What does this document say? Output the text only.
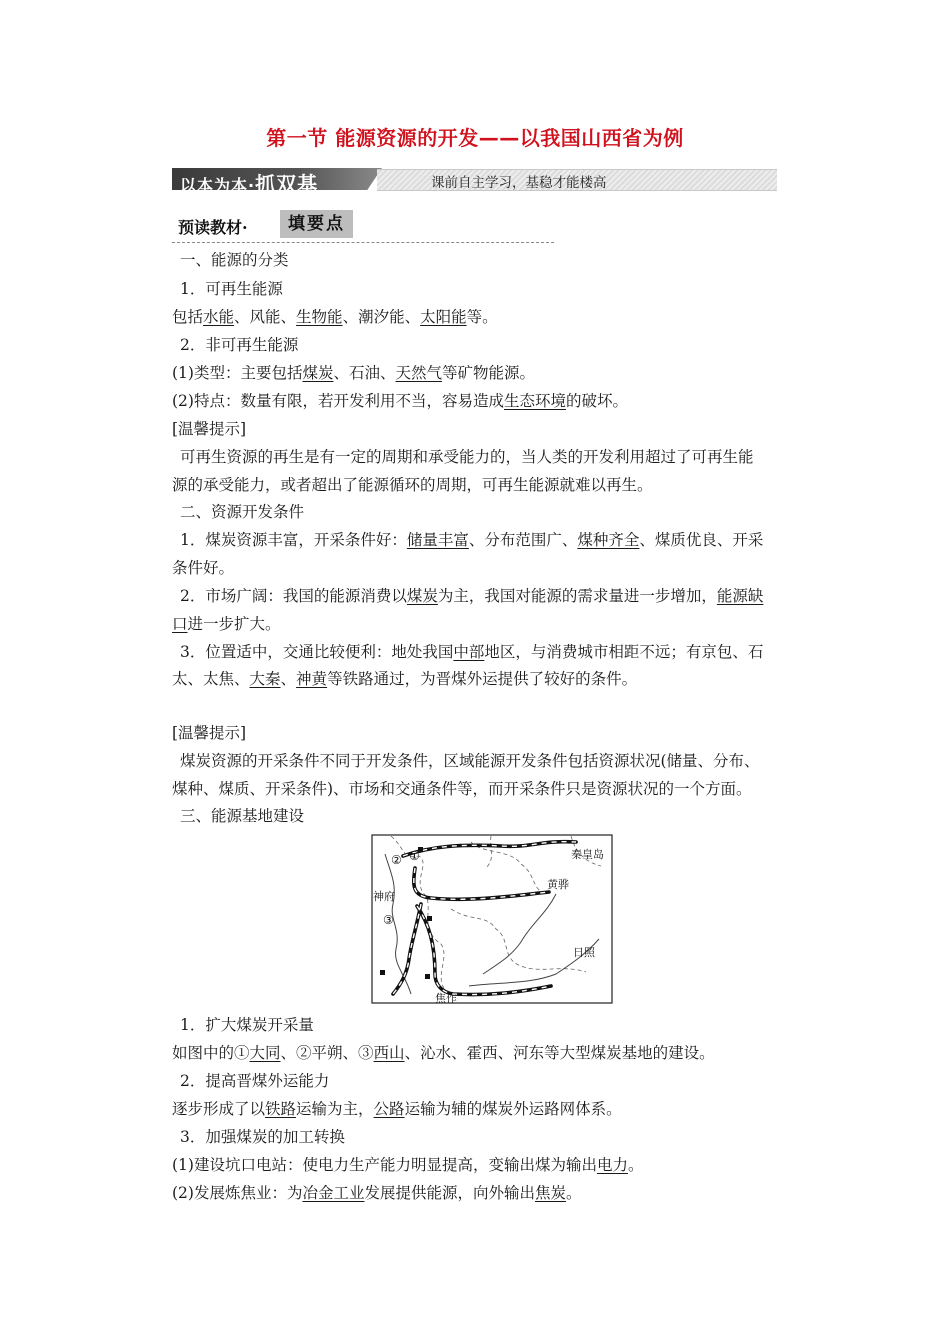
第一节 能源资源的开发——以我国山西省为例
以本为本·抓双基	课前自主学习，基稳才能楼高
预读教材·	填要点
一、能源的分类
1．可再生能源
包括水能、风能、生物能、潮汐能、太阳能等。
2．非可再生能源
(1)类型：主要包括煤炭、石油、天然气等矿物能源。
(2)特点：数量有限，若开发利用不当，容易造成生态环境的破坏。
[温馨提示]
可再生资源的再生是有一定的周期和承受能力的，当人类的开发利用超过了可再生能
源的承受能力，或者超出了能源循环的周期，可再生能源就难以再生。
二、资源开发条件
1．煤炭资源丰富，开采条件好：储量丰富、分布范围广、煤种齐全、煤质优良、开采
条件好。
2．市场广阔：我国的能源消费以煤炭为主，我国对能源的需求量进一步增加，能源缺
口进一步扩大。
3．位置适中，交通比较便利：地处我国中部地区，与消费城市相距不远；有京包、石
太、太焦、大秦、神黄等铁路通过，为晋煤外运提供了较好的条件。
[温馨提示]
煤炭资源的开采条件不同于开发条件，区域能源开发条件包括资源状况(储量、分布、
煤种、煤质、开采条件)、市场和交通条件等，而开采条件只是资源状况的一个方面。
三、能源基地建设
秦皇岛
黄骅
神府
日照
焦作
①
②
③
1．扩大煤炭开采量
如图中的①大同、②平朔、③西山、沁水、霍西、河东等大型煤炭基地的建设。
2．提高晋煤外运能力
逐步形成了以铁路运输为主，公路运输为辅的煤炭外运路网体系。
3．加强煤炭的加工转换
(1)建设坑口电站：使电力生产能力明显提高，变输出煤为输出电力。
(2)发展炼焦业：为冶金工业发展提供能源，向外输出焦炭。
